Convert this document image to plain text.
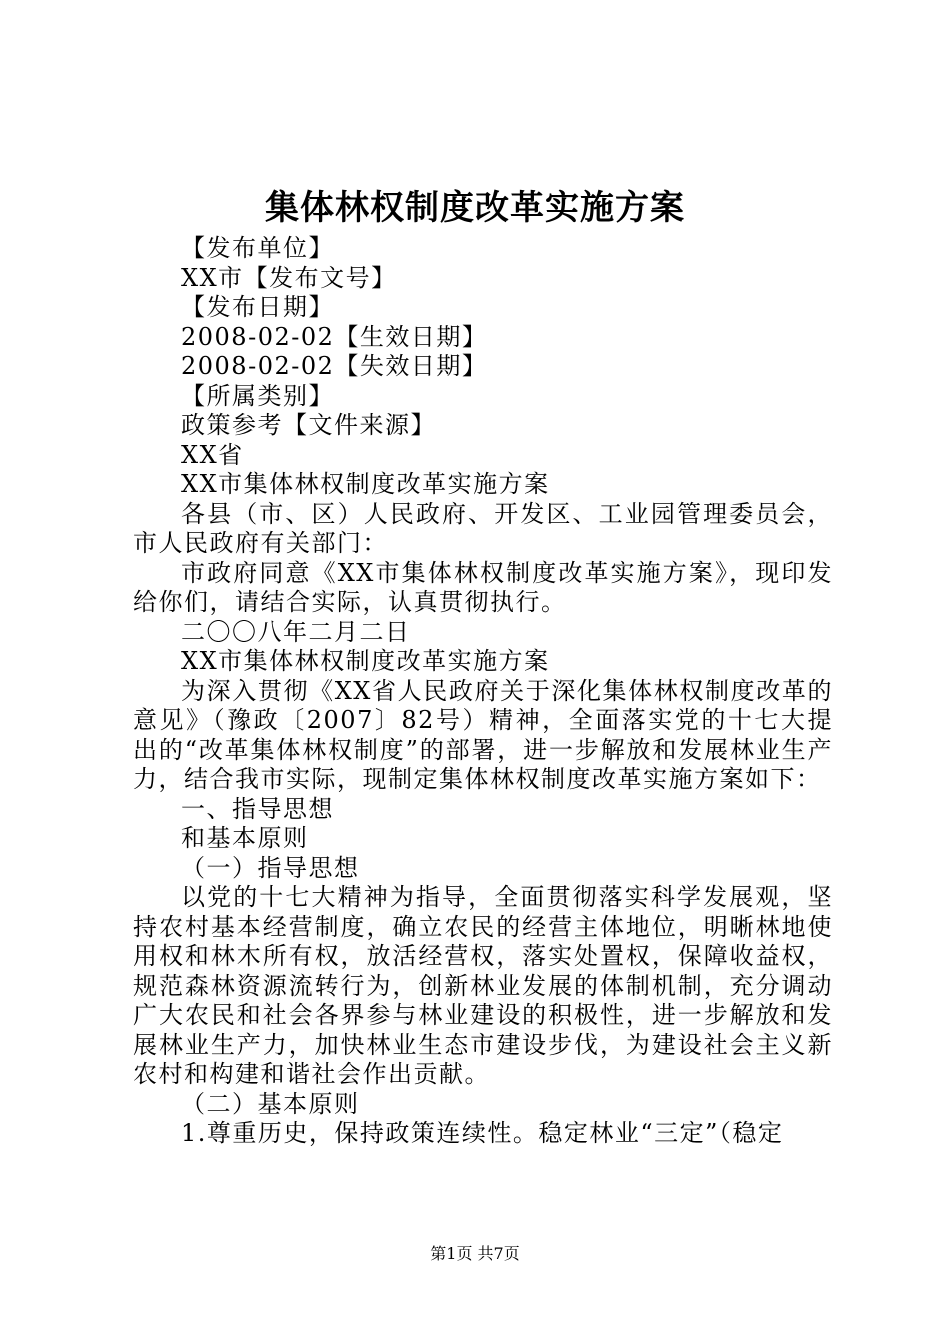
集体林权制度改革实施方案

【发布单位】

XX市【发布文号】

【发布日期】

2008-02-02【生效日期】

2008-02-02【失效日期】

【所属类别】

政策参考【文件来源】

XX省

XX市集体林权制度改革实施方案

各县（市、区）人民政府、开发区、工业园管理委员会，市人民政府有关部门：

市政府同意《XX市集体林权制度改革实施方案》，现印发给你们，请结合实际，认真贯彻执行。

二〇〇八年二月二日

XX市集体林权制度改革实施方案

为深入贯彻《XX省人民政府关于深化集体林权制度改革的意见》（豫政〔2007〕82号）精神，全面落实党的十七大提出的“改革集体林权制度”的部署，进一步解放和发展林业生产力，结合我市实际，现制定集体林权制度改革实施方案如下：

一、指导思想

和基本原则

（一）指导思想

以党的十七大精神为指导，全面贯彻落实科学发展观，坚持农村基本经营制度，确立农民的经营主体地位，明晰林地使用权和林木所有权，放活经营权，落实处置权，保障收益权，规范森林资源流转行为，创新林业发展的体制机制，充分调动广大农民和社会各界参与林业建设的积极性，进一步解放和发展林业生产力，加快林业生态市建设步伐，为建设社会主义新农村和构建和谐社会作出贡献。

（二）基本原则

1.尊重历史，保持政策连续性。稳定林业“三定”（稳定

第1页 共7页
